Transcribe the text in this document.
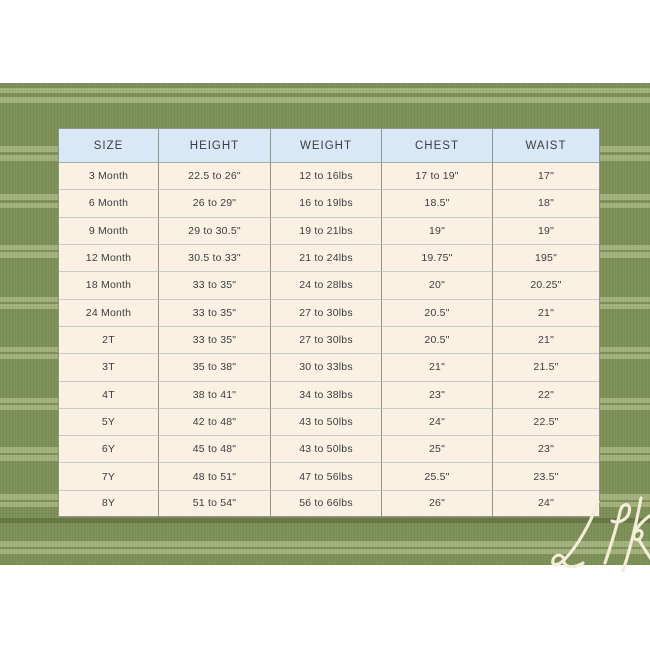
SIZE	HEIGHT	WEIGHT	CHEST	WAIST
3 Month	22.5 to 26"	12 to 16lbs	17 to 19"	17"
6 Month	26 to 29"	16 to 19lbs	18.5"	18"
9 Month	29 to 30.5"	19 to 21lbs	19"	19"
12 Month	30.5 to 33"	21 to 24lbs	19.75"	195"
18 Month	33 to 35"	24 to 28lbs	20"	20.25"
24 Month	33 to 35"	27 to 30lbs	20.5"	21"
2T	33 to 35"	27 to 30lbs	20.5"	21"
3T	35 to 38"	30 to 33lbs	21"	21.5"
4T	38 to 41"	34 to 38lbs	23"	22"
5Y	42 to 48"	43 to 50lbs	24"	22.5"
6Y	45 to 48"	43 to 50lbs	25"	23"
7Y	48 to 51"	47 to 56lbs	25.5"	23.5"
8Y	51 to 54"	56 to 66lbs	26"	24"
